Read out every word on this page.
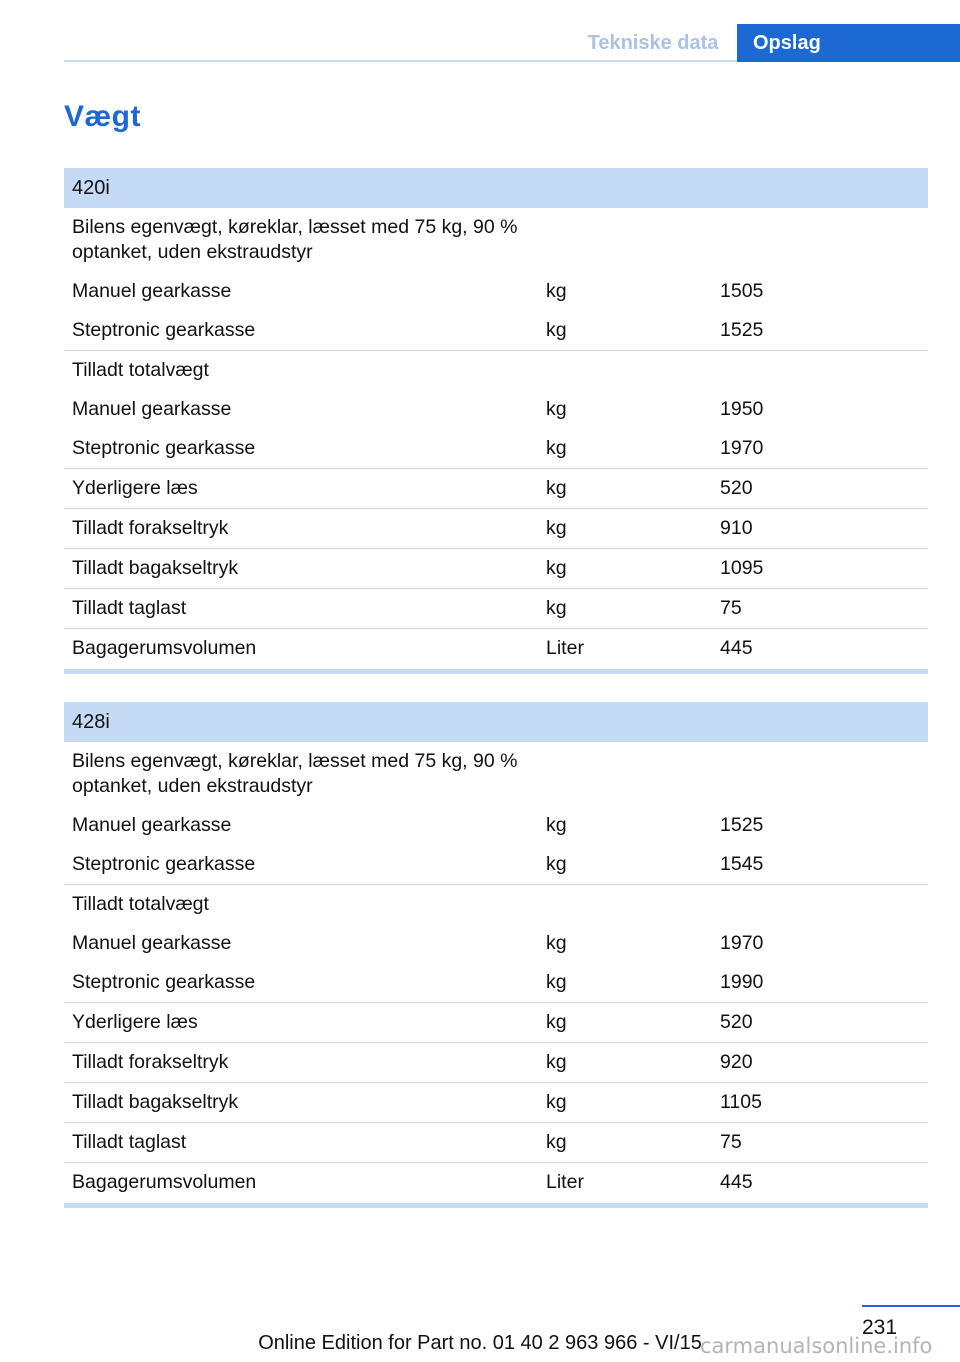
Tekniske data	Opslag
Vægt
420i
Bilens egenvægt, køreklar, læsset med 75 kg, 90 % optanket, uden ekstraudstyr
Manuel gearkasse	kg	1505
Steptronic gearkasse	kg	1525
Tilladt totalvægt
Manuel gearkasse	kg	1950
Steptronic gearkasse	kg	1970
Yderligere læs	kg	520
Tilladt forakseltryk	kg	910
Tilladt bagakseltryk	kg	1095
Tilladt taglast	kg	75
Bagagerumsvolumen	Liter	445
428i
Bilens egenvægt, køreklar, læsset med 75 kg, 90 % optanket, uden ekstraudstyr
Manuel gearkasse	kg	1525
Steptronic gearkasse	kg	1545
Tilladt totalvægt
Manuel gearkasse	kg	1970
Steptronic gearkasse	kg	1990
Yderligere læs	kg	520
Tilladt forakseltryk	kg	920
Tilladt bagakseltryk	kg	1105
Tilladt taglast	kg	75
Bagagerumsvolumen	Liter	445
231
Online Edition for Part no. 01 40 2 963 966 - VI/15
carmanualsonline.info
